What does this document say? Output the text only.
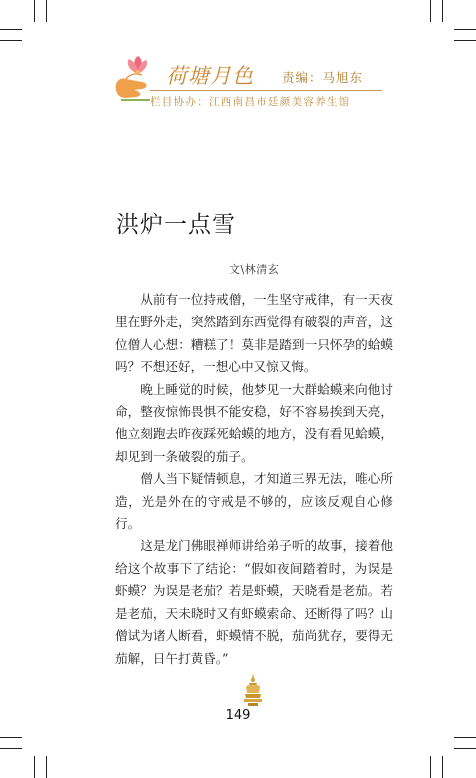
荷塘月色 责编：马旭东
栏目协办：江西南昌市廷颜美容养生馆
洪炉一点雪
文\林清玄

从前有一位持戒僧，一生坚守戒律，有一天夜里在野外走，突然踏到东西觉得有破裂的声音，这位僧人心想：糟糕了！莫非是踏到一只怀孕的蛤蟆吗？不想还好，一想心中又惊又悔。

晚上睡觉的时候，他梦见一大群蛤蟆来向他讨命，整夜惊怖畏惧不能安稳，好不容易挨到天亮，他立刻跑去昨夜踩死蛤蟆的地方，没有看见蛤蟆，却见到一条破裂的茄子。

僧人当下疑情顿息，才知道三界无法，唯心所造，光是外在的守戒是不够的，应该反观自心修行。

这是龙门佛眼禅师讲给弟子听的故事，接着他给这个故事下了结论：“假如夜间踏着时，为误是虾蟆？为误是老茄？若是虾蟆，天晓看是老茄。若是老茄，天未晓时又有虾蟆索命、还断得了吗？山僧试为诸人断看，虾蟆情不脱，茄尚犹存，要得无茄解，日午打黄昏。”

149
